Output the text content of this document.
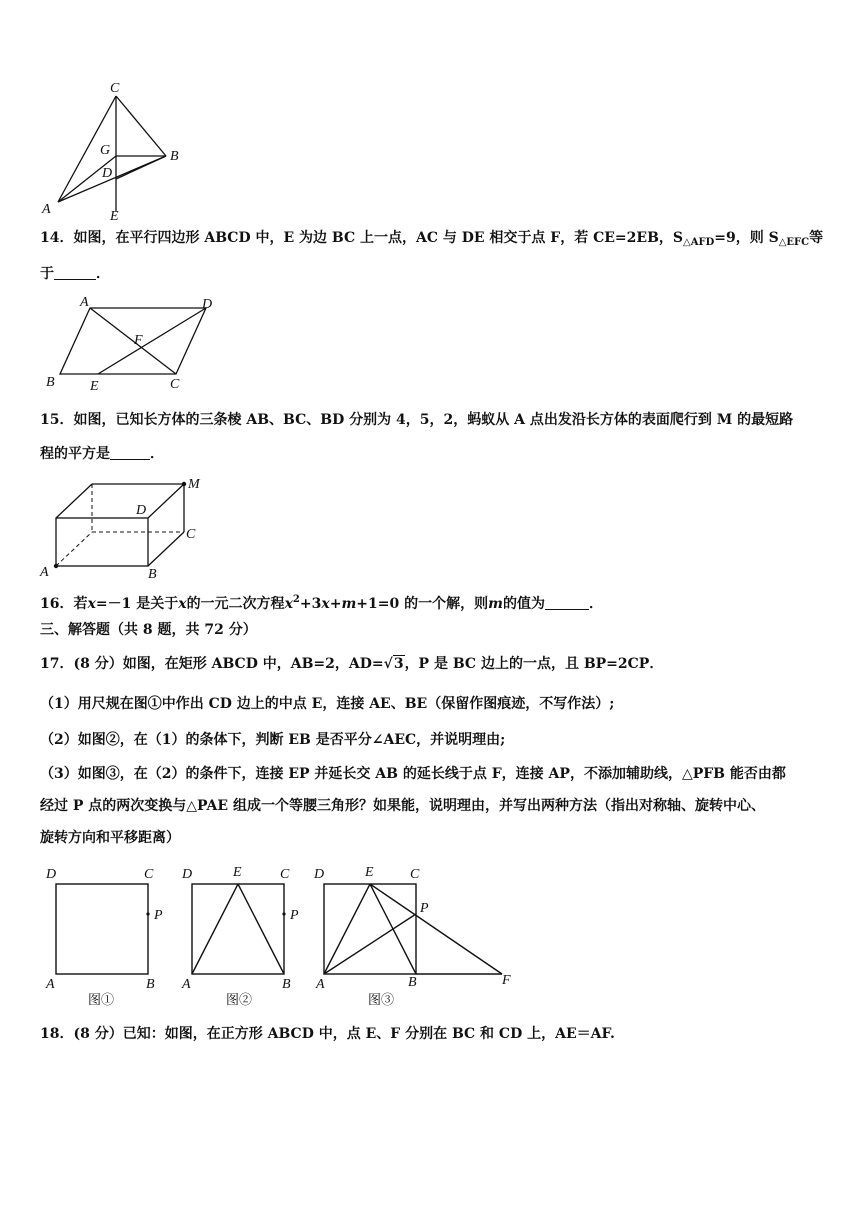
C
G
D
B
A	E
14．如图，在平行四边形 ABCD 中，E 为边 BC 上一点，AC 与 DE 相交于点 F，若 CE=2EB，$S_{\triangle AFD}=9$，则 $S_{\triangle EFC}$等
于	．
A	D
F
B	E	C
15．如图，已知长方体的三条棱 AB、BC、BD 分别为 4，5，2，蚂蚁从 A 点出发沿长方体的表面爬行到 M 的最短路
程的平方是	．
M
D
C
A	B
16．若x=－1 是关于x的一元二次方程$x^2+3x+m+1=0$ 的一个解，则m的值为	．
三、解答题（共 8 题，共 72 分）
17．(8 分）如图，在矩形 ABCD 中，AB=2，AD=√3，P 是 BC 边上的一点，且 BP=2CP．
（1）用尺规在图①中作出 CD 边上的中点 E，连接 AE、BE（保留作图痕迹，不写作法）;
（2）如图②，在（1）的条体下，判断 EB 是否平分∠AEC，并说明理由;
（3）如图③，在（2）的条件下，连接 EP 并延长交 AB 的延长线于点 F，连接 AP，不添加辅助线，△PFB 能否由都
经过 P 点的两次变换与△PAE 组成一个等腰三角形？如果能，说明理由，并写出两种方法（指出对称轴、旋转中心、
旋转方向和平移距离）
D	C
P
A	B
图①
D	E	C
P
A	B
图②
D	E	C
P
A	B	F
图③
18．(8 分）已知：如图，在正方形 ABCD 中，点 E、F 分别在 BC 和 CD 上，AE＝AF.
